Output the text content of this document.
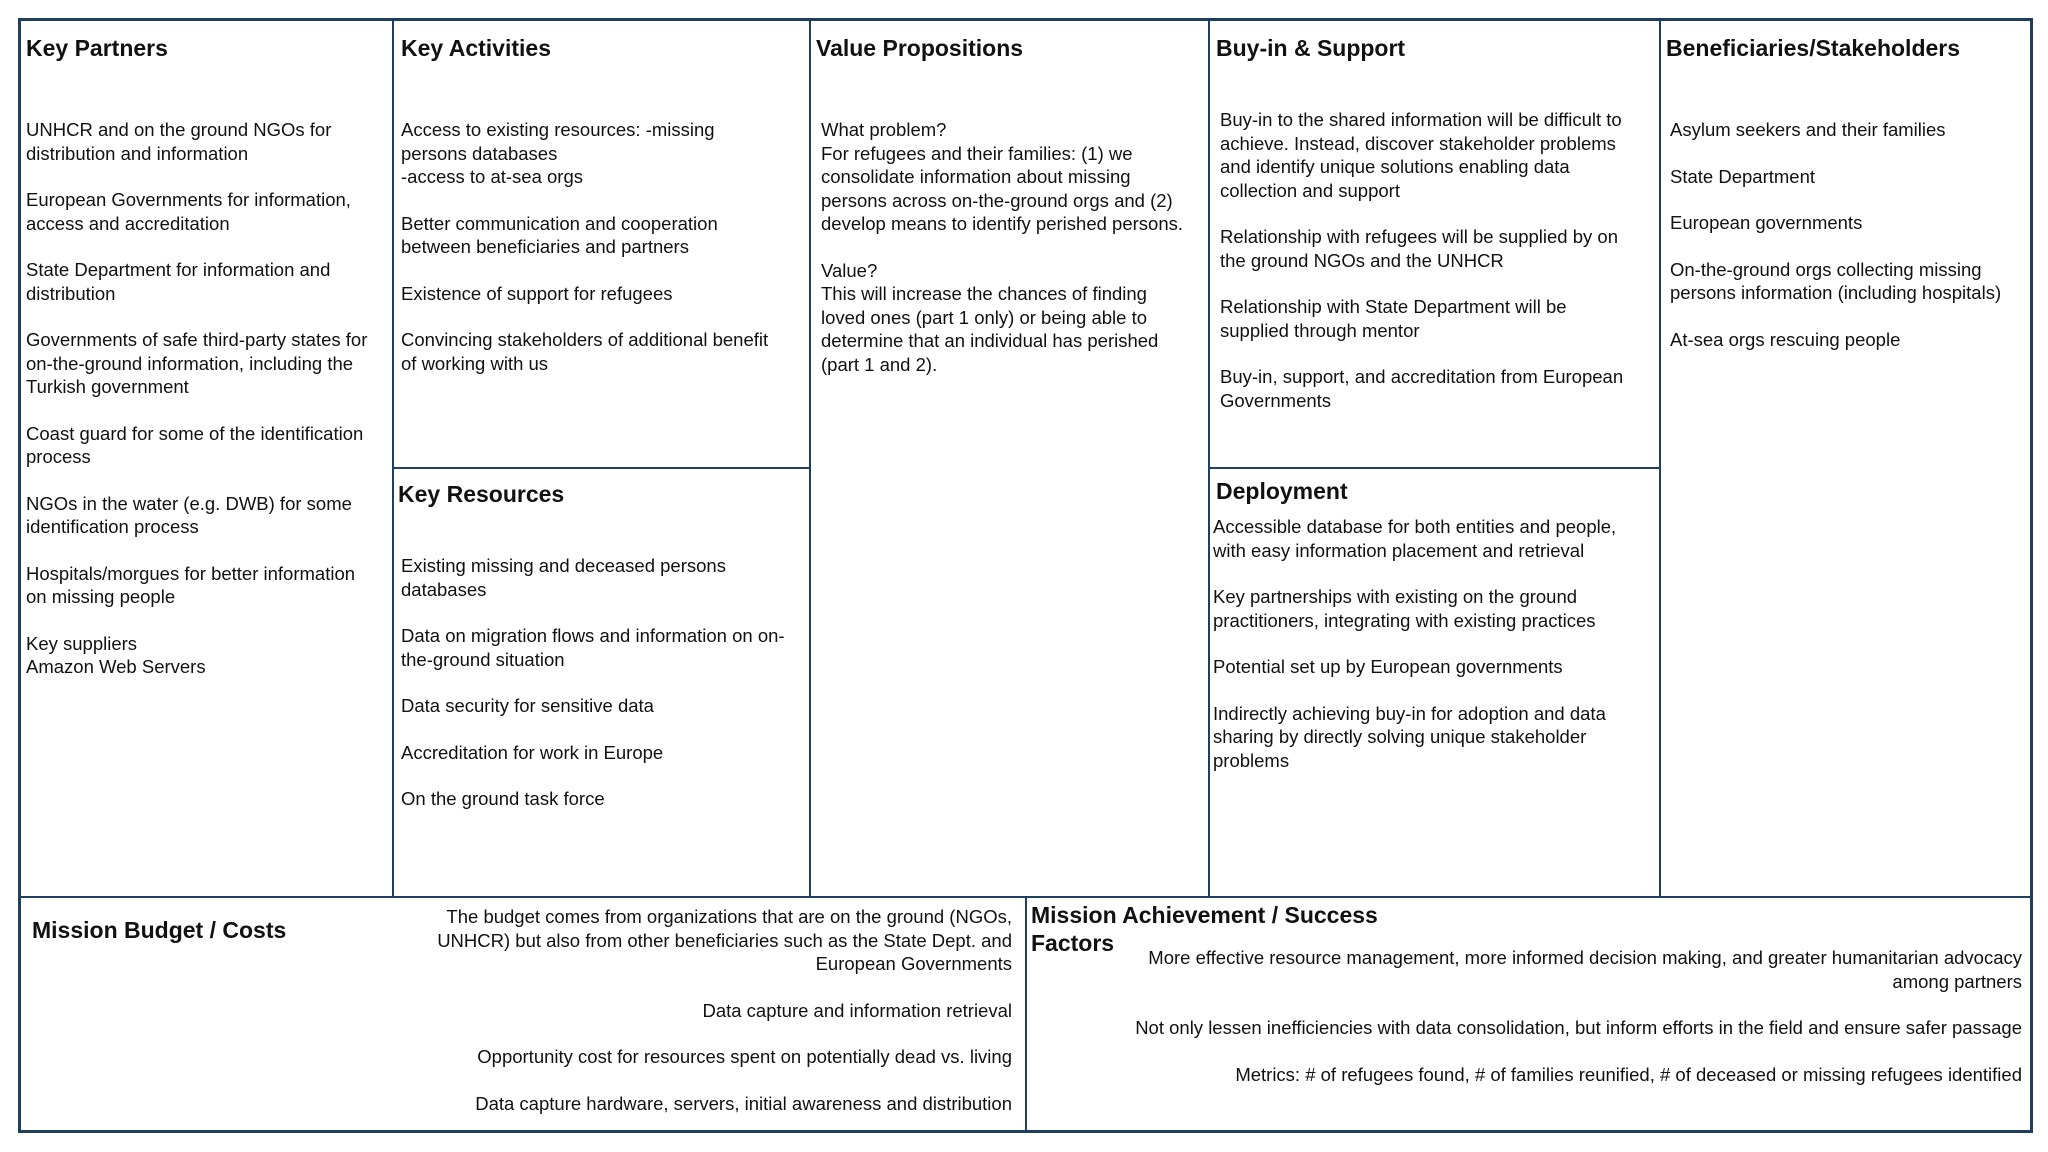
Key Partners
UNHCR and on the ground NGOs for
distribution and information
European Governments for information,
access and accreditation
State Department for information and
distribution
Governments of safe third-party states for
on-the-ground information, including the
Turkish government
Coast guard for some of the identification
process
NGOs in the water (e.g. DWB) for some
identification process
Hospitals/morgues for better information
on missing people
Key suppliers
Amazon Web Servers
Key Activities
Access to existing resources: -missing
persons databases
-access to at-sea orgs
Better communication and cooperation
between beneficiaries and partners
Existence of support for refugees
Convincing stakeholders of additional benefit
of working with us
Key Resources
Existing missing and deceased persons
databases
Data on migration flows and information on on-
the-ground situation
Data security for sensitive data
Accreditation for work in Europe
On the ground task force
Value Propositions
What problem?
For refugees and their families: (1) we
consolidate information about missing
persons across on-the-ground orgs and (2)
develop means to identify perished persons.
Value?
This will increase the chances of finding
loved ones (part 1 only) or being able to
determine that an individual has perished
(part 1 and 2).
Buy-in & Support
Buy-in to the shared information will be difficult to
achieve. Instead, discover stakeholder problems
and identify unique solutions enabling data
collection and support
Relationship with refugees will be supplied by on
the ground NGOs and the UNHCR
Relationship with State Department will be
supplied through mentor
Buy-in, support, and accreditation from European
Governments
Deployment
Accessible database for both entities and people,
with easy information placement and retrieval
Key partnerships with existing on the ground
practitioners, integrating with existing practices
Potential set up by European governments
Indirectly achieving buy-in for adoption and data
sharing by directly solving unique stakeholder
problems
Beneficiaries/Stakeholders
Asylum seekers and their families
State Department
European governments
On-the-ground orgs collecting missing
persons information (including hospitals)
At-sea orgs rescuing people
Mission Budget / Costs
The budget comes from organizations that are on the ground (NGOs,
UNHCR) but also from other beneficiaries such as the State Dept. and
European Governments
Data capture and information retrieval
Opportunity cost for resources spent on potentially dead vs. living
Data capture hardware, servers, initial awareness and distribution
Mission Achievement / Success
Factors
More effective resource management, more informed decision making, and greater humanitarian advocacy
among partners
Not only lessen inefficiencies with data consolidation, but inform efforts in the field and ensure safer passage
Metrics: # of refugees found, # of families reunified, # of deceased or missing refugees identified
